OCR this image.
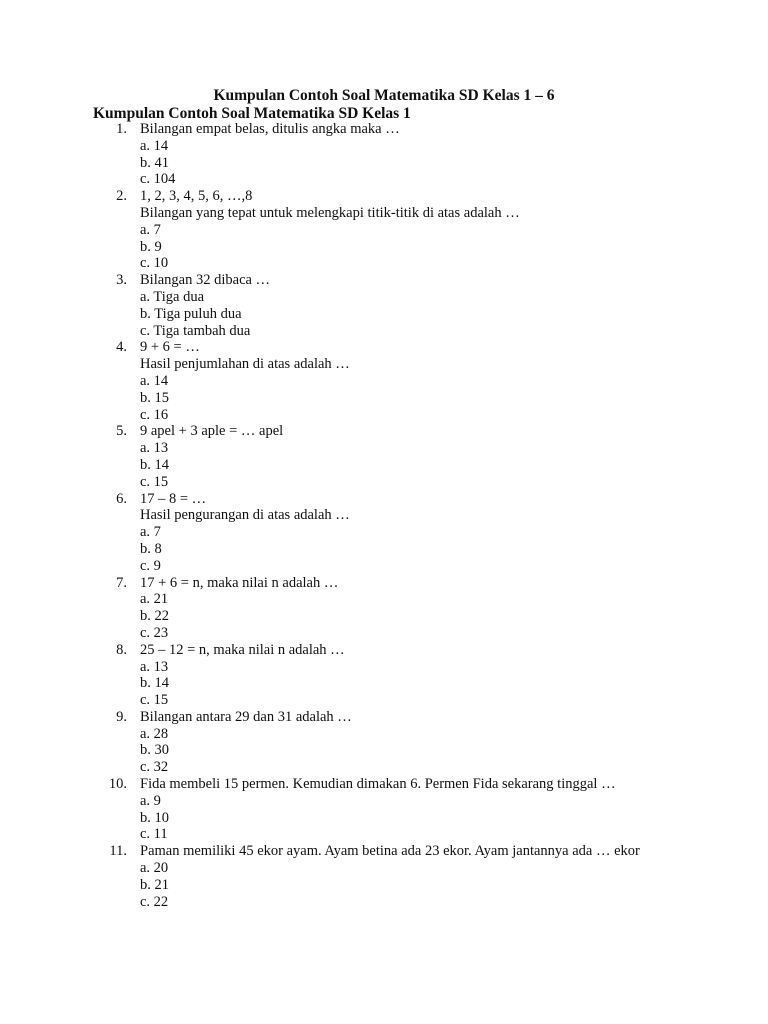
Kumpulan Contoh Soal Matematika SD Kelas 1 – 6
Kumpulan Contoh Soal Matematika SD Kelas 1
1. Bilangan empat belas, ditulis angka maka …
a. 14
b. 41
c. 104
2. 1, 2, 3, 4, 5, 6, …,8
Bilangan yang tepat untuk melengkapi titik-titik di atas adalah …
a. 7
b. 9
c. 10
3. Bilangan 32 dibaca …
a. Tiga dua
b. Tiga puluh dua
c. Tiga tambah dua
4. 9 + 6 = …
Hasil penjumlahan di atas adalah …
a. 14
b. 15
c. 16
5. 9 apel + 3 aple = … apel
a. 13
b. 14
c. 15
6. 17 – 8 = …
Hasil pengurangan di atas adalah …
a. 7
b. 8
c. 9
7. 17 + 6 = n, maka nilai n adalah …
a. 21
b. 22
c. 23
8. 25 – 12 = n, maka nilai n adalah …
a. 13
b. 14
c. 15
9. Bilangan antara 29 dan 31 adalah …
a. 28
b. 30
c. 32
10. Fida membeli 15 permen. Kemudian dimakan 6. Permen Fida sekarang tinggal …
a. 9
b. 10
c. 11
11. Paman memiliki 45 ekor ayam. Ayam betina ada 23 ekor. Ayam jantannya ada … ekor
a. 20
b. 21
c. 22
